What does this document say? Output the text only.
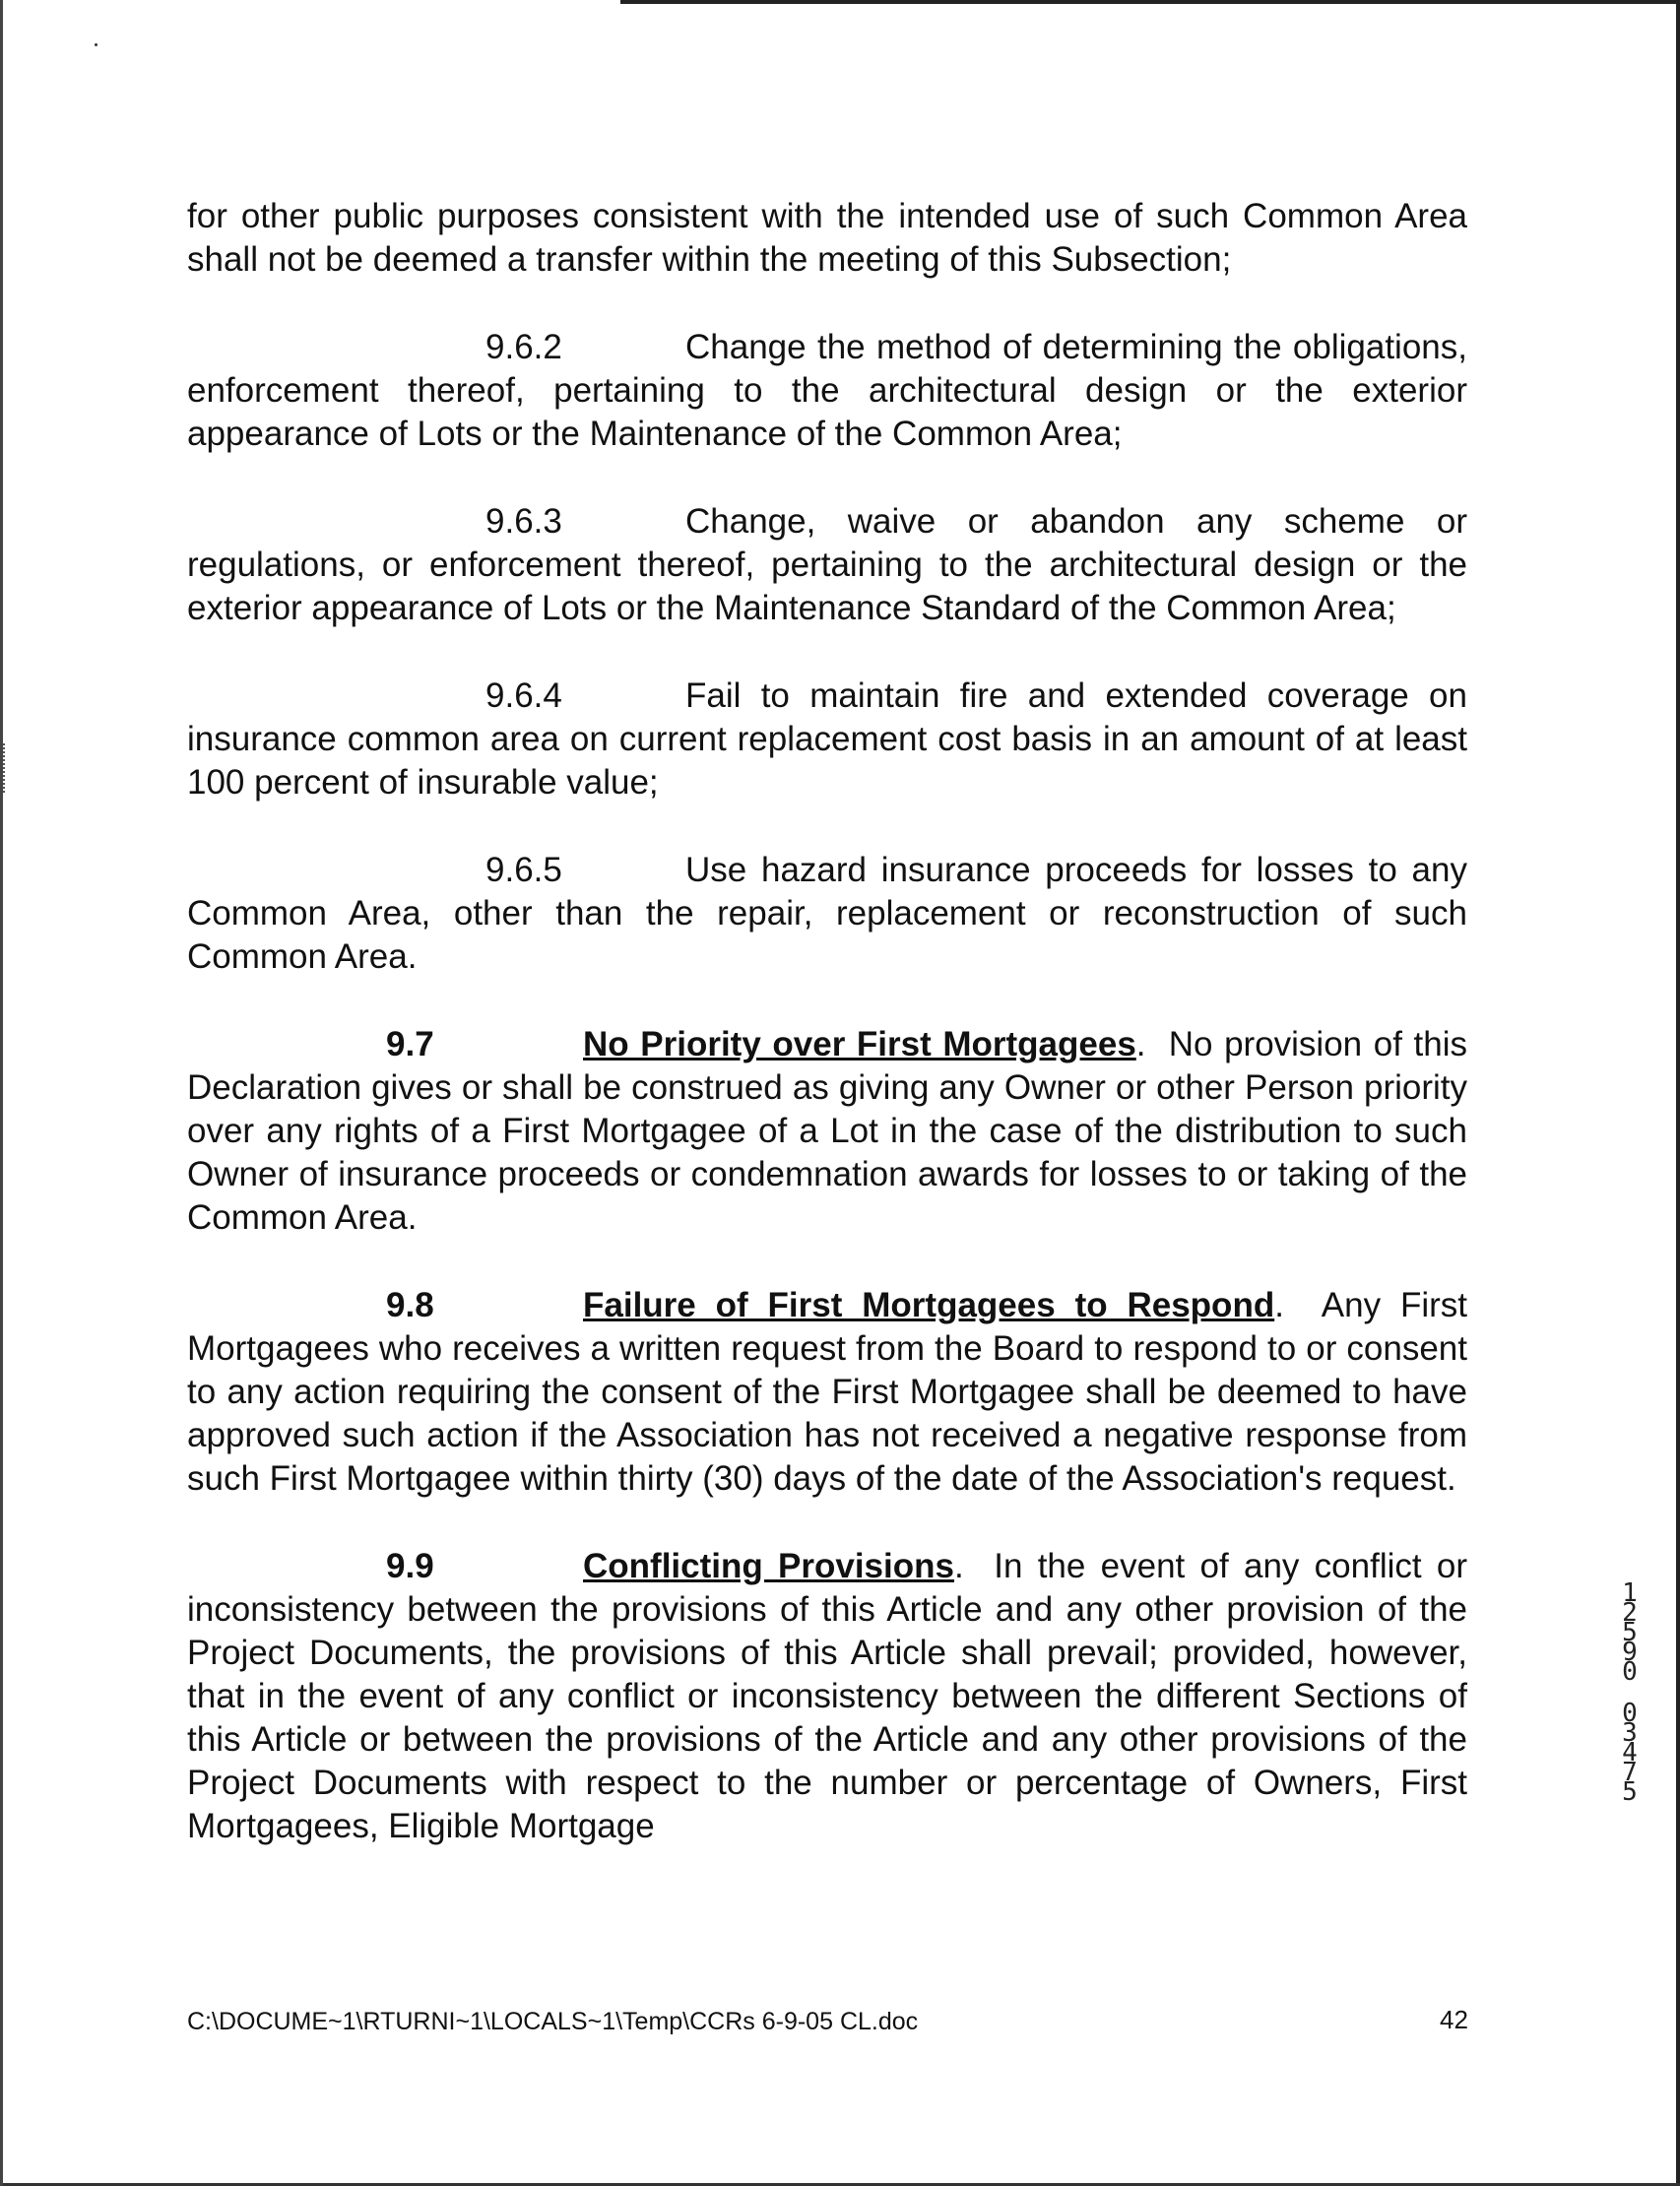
for other public purposes consistent with the intended use of such Common Area shall not be deemed a transfer within the meeting of this Subsection;

9.6.2	Change the method of determining the obligations, enforcement thereof, pertaining to the architectural design or the exterior appearance of Lots or the Maintenance of the Common Area;

9.6.3	Change, waive or abandon any scheme or regulations, or enforcement thereof, pertaining to the architectural design or the exterior appearance of Lots or the Maintenance Standard of the Common Area;

9.6.4	Fail to maintain fire and extended coverage on insurance common area on current replacement cost basis in an amount of at least 100 percent of insurable value;

9.6.5	Use hazard insurance proceeds for losses to any Common Area, other than the repair, replacement or reconstruction of such Common Area.

9.7	No Priority over First Mortgagees. No provision of this Declaration gives or shall be construed as giving any Owner or other Person priority over any rights of a First Mortgagee of a Lot in the case of the distribution to such Owner of insurance proceeds or condemnation awards for losses to or taking of the Common Area.

9.8	Failure of First Mortgagees to Respond. Any First Mortgagees who receives a written request from the Board to respond to or consent to any action requiring the consent of the First Mortgagee shall be deemed to have approved such action if the Association has not received a negative response from such First Mortgagee within thirty (30) days of the date of the Association's request.

9.9	Conflicting Provisions. In the event of any conflict or inconsistency between the provisions of this Article and any other provision of the Project Documents, the provisions of this Article shall prevail; provided, however, that in the event of any conflict or inconsistency between the different Sections of this Article or between the provisions of the Article and any other provisions of the Project Documents with respect to the number or percentage of Owners, First Mortgagees, Eligible Mortgage

C:\DOCUME~1\RTURNI~1\LOCALS~1\Temp\CCRs 6-9-05 CL.doc	42
12590
03475
